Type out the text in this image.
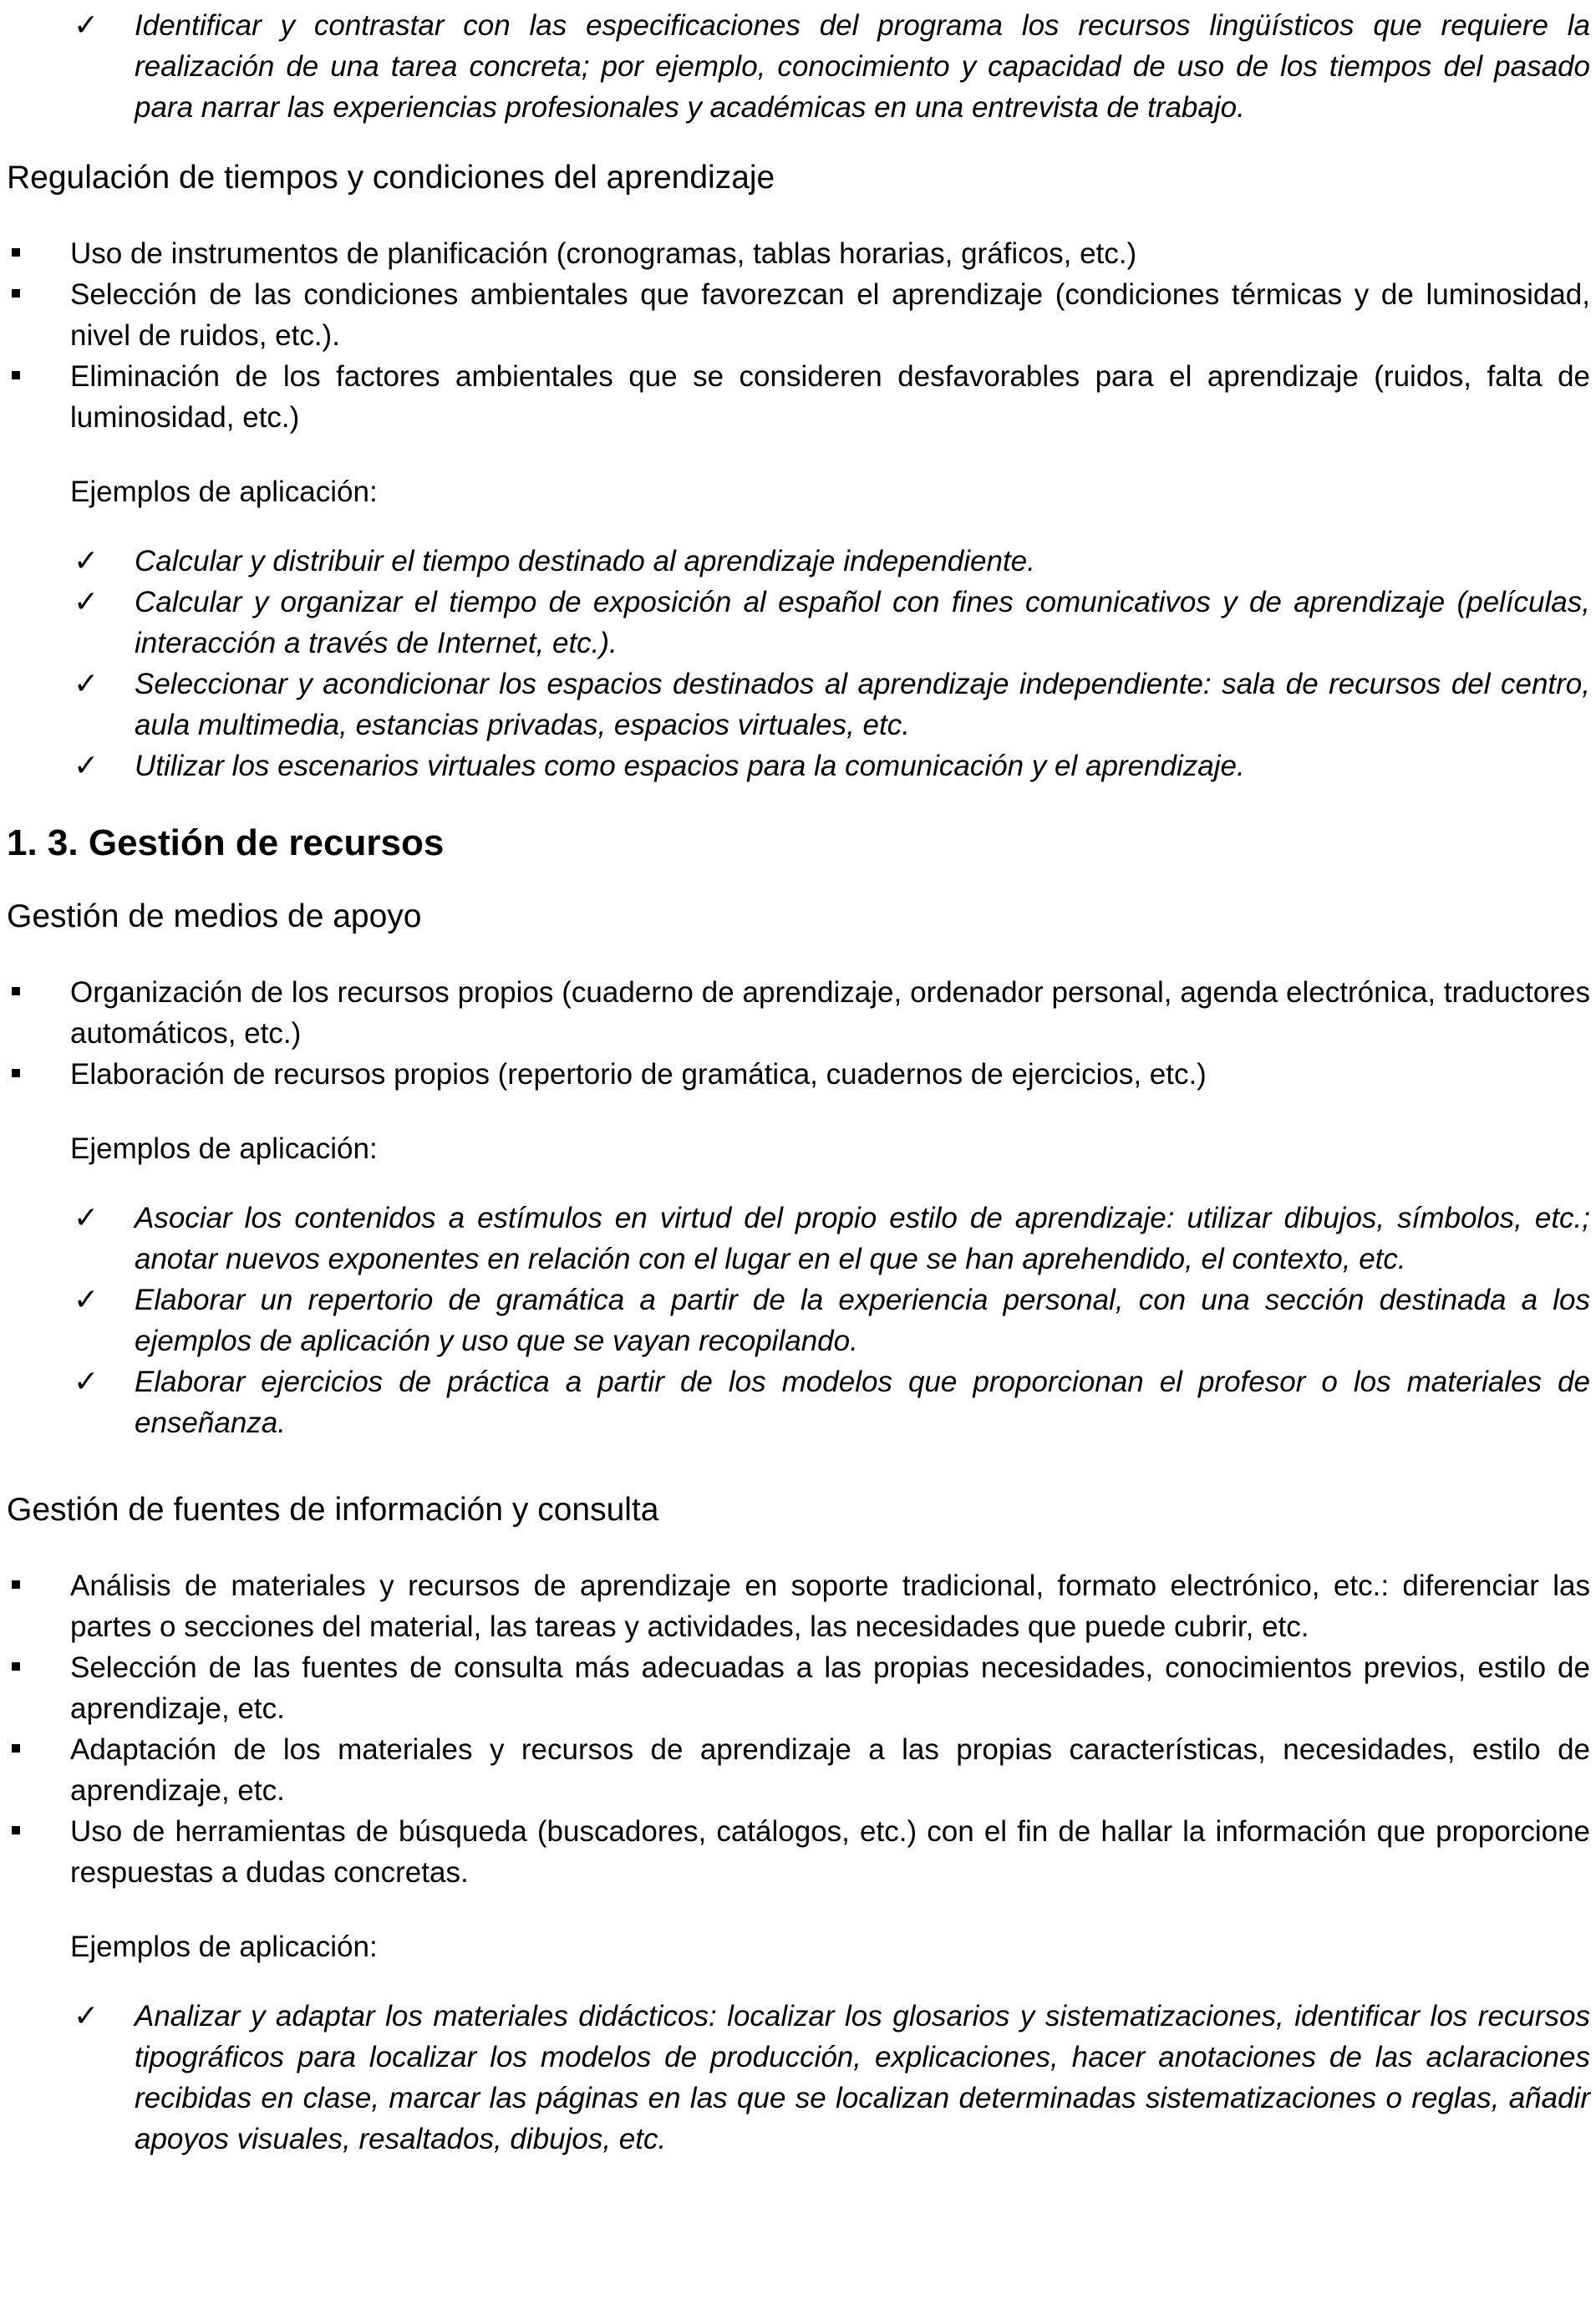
✓ Identificar y contrastar con las especificaciones del programa los recursos lingüísticos que requiere la realización de una tarea concreta; por ejemplo, conocimiento y capacidad de uso de los tiempos del pasado para narrar las experiencias profesionales y académicas en una entrevista de trabajo.

Regulación de tiempos y condiciones del aprendizaje

Uso de instrumentos de planificación (cronogramas, tablas horarias, gráficos, etc.)

Selección de las condiciones ambientales que favorezcan el aprendizaje (condiciones térmicas y de luminosidad, nivel de ruidos, etc.).

Eliminación de los factores ambientales que se consideren desfavorables para el aprendizaje (ruidos, falta de luminosidad, etc.)

Ejemplos de aplicación:

✓ Calcular y distribuir el tiempo destinado al aprendizaje independiente.

✓ Calcular y organizar el tiempo de exposición al español con fines comunicativos y de aprendizaje (películas, interacción a través de Internet, etc.).

✓ Seleccionar y acondicionar los espacios destinados al aprendizaje independiente: sala de recursos del centro, aula multimedia, estancias privadas, espacios virtuales, etc.

✓ Utilizar los escenarios virtuales como espacios para la comunicación y el aprendizaje.

1. 3. Gestión de recursos

Gestión de medios de apoyo

Organización de los recursos propios (cuaderno de aprendizaje, ordenador personal, agenda electrónica, traductores automáticos, etc.)

Elaboración de recursos propios (repertorio de gramática, cuadernos de ejercicios, etc.)

Ejemplos de aplicación:

✓ Asociar los contenidos a estímulos en virtud del propio estilo de aprendizaje: utilizar dibujos, símbolos, etc.; anotar nuevos exponentes en relación con el lugar en el que se han aprehendido, el contexto, etc.

✓ Elaborar un repertorio de gramática a partir de la experiencia personal, con una sección destinada a los ejemplos de aplicación y uso que se vayan recopilando.

✓ Elaborar ejercicios de práctica a partir de los modelos que proporcionan el profesor o los materiales de enseñanza.

Gestión de fuentes de información y consulta

Análisis de materiales y recursos de aprendizaje en soporte tradicional, formato electrónico, etc.: diferenciar las partes o secciones del material, las tareas y actividades, las necesidades que puede cubrir, etc.

Selección de las fuentes de consulta más adecuadas a las propias necesidades, conocimientos previos, estilo de aprendizaje, etc.

Adaptación de los materiales y recursos de aprendizaje a las propias características, necesidades, estilo de aprendizaje, etc.

Uso de herramientas de búsqueda (buscadores, catálogos, etc.) con el fin de hallar la información que proporcione respuestas a dudas concretas.

Ejemplos de aplicación:

✓ Analizar y adaptar los materiales didácticos: localizar los glosarios y sistematizaciones, identificar los recursos tipográficos para localizar los modelos de producción, explicaciones, hacer anotaciones de las aclaraciones recibidas en clase, marcar las páginas en las que se localizan determinadas sistematizaciones o reglas, añadir apoyos visuales, resaltados, dibujos, etc.
